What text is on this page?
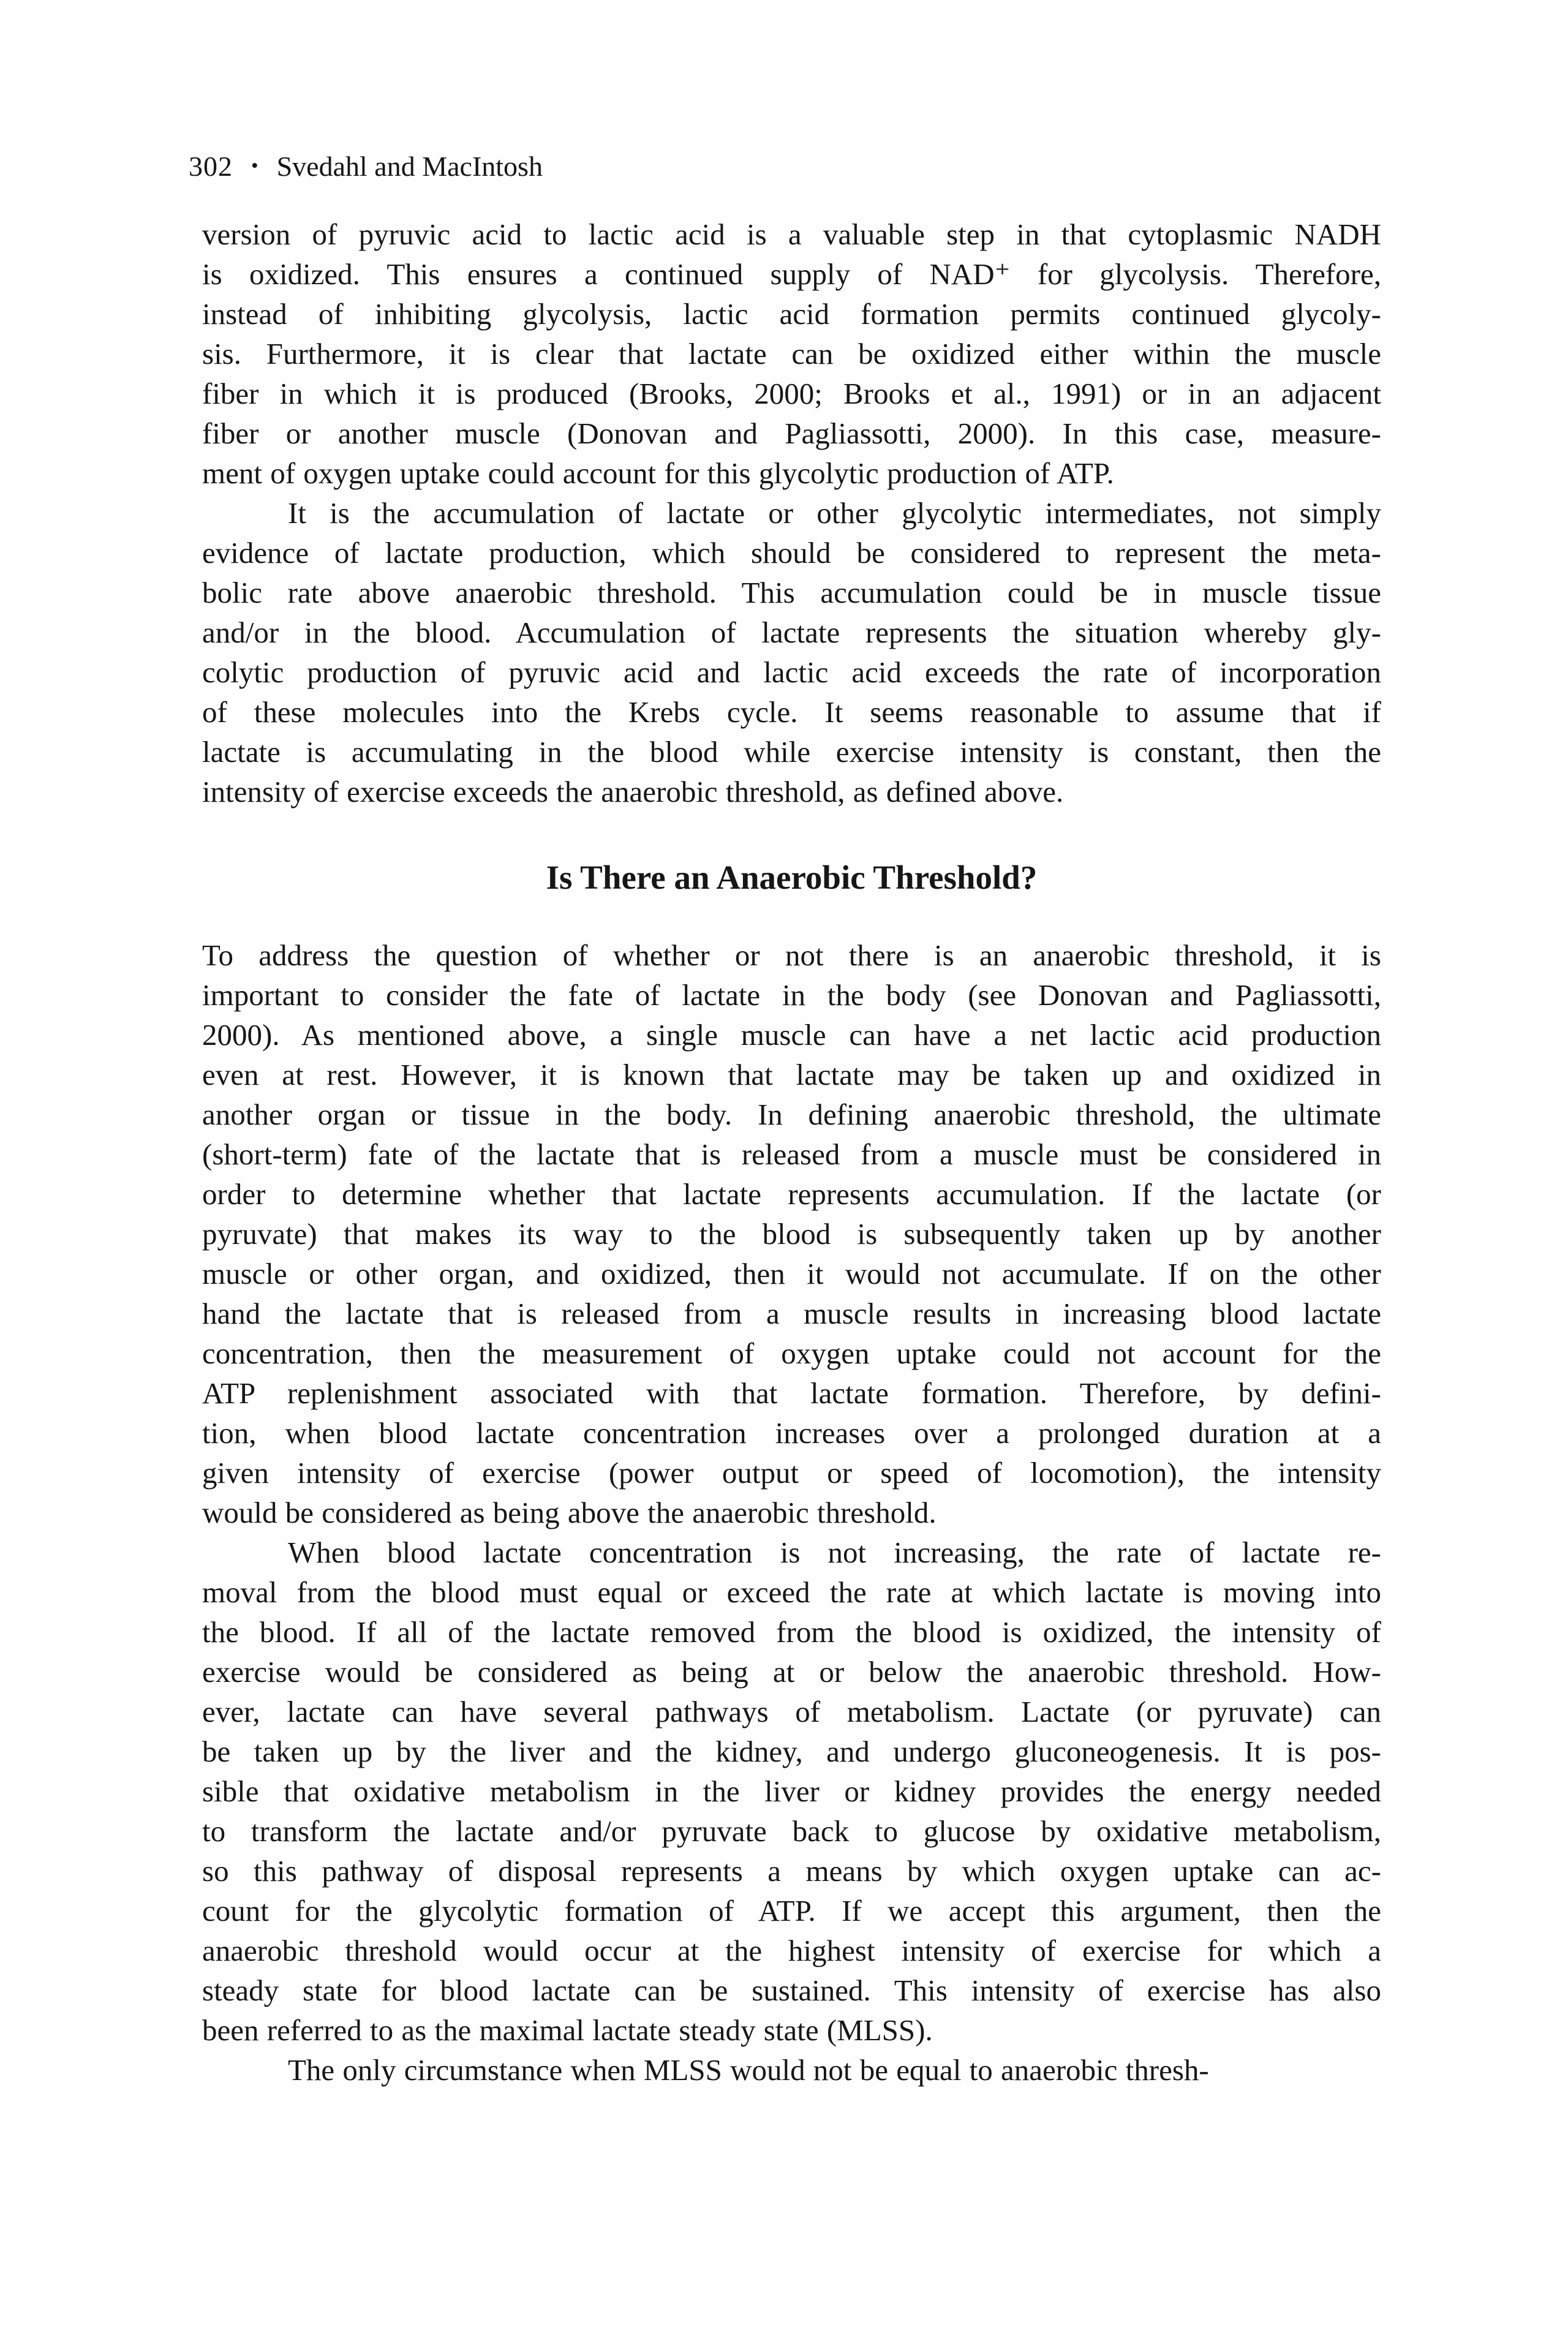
302 • Svedahl and MacIntosh
version of pyruvic acid to lactic acid is a valuable step in that cytoplasmic NADH
is oxidized. This ensures a continued supply of NAD⁺ for glycolysis. Therefore,
instead of inhibiting glycolysis, lactic acid formation permits continued glycoly-
sis. Furthermore, it is clear that lactate can be oxidized either within the muscle
fiber in which it is produced (Brooks, 2000; Brooks et al., 1991) or in an adjacent
fiber or another muscle (Donovan and Pagliassotti, 2000). In this case, measure-
ment of oxygen uptake could account for this glycolytic production of ATP.
It is the accumulation of lactate or other glycolytic intermediates, not simply
evidence of lactate production, which should be considered to represent the meta-
bolic rate above anaerobic threshold. This accumulation could be in muscle tissue
and/or in the blood. Accumulation of lactate represents the situation whereby gly-
colytic production of pyruvic acid and lactic acid exceeds the rate of incorporation
of these molecules into the Krebs cycle. It seems reasonable to assume that if
lactate is accumulating in the blood while exercise intensity is constant, then the
intensity of exercise exceeds the anaerobic threshold, as defined above.
Is There an Anaerobic Threshold?
To address the question of whether or not there is an anaerobic threshold, it is
important to consider the fate of lactate in the body (see Donovan and Pagliassotti,
2000). As mentioned above, a single muscle can have a net lactic acid production
even at rest. However, it is known that lactate may be taken up and oxidized in
another organ or tissue in the body. In defining anaerobic threshold, the ultimate
(short-term) fate of the lactate that is released from a muscle must be considered in
order to determine whether that lactate represents accumulation. If the lactate (or
pyruvate) that makes its way to the blood is subsequently taken up by another
muscle or other organ, and oxidized, then it would not accumulate. If on the other
hand the lactate that is released from a muscle results in increasing blood lactate
concentration, then the measurement of oxygen uptake could not account for the
ATP replenishment associated with that lactate formation. Therefore, by defini-
tion, when blood lactate concentration increases over a prolonged duration at a
given intensity of exercise (power output or speed of locomotion), the intensity
would be considered as being above the anaerobic threshold.
When blood lactate concentration is not increasing, the rate of lactate re-
moval from the blood must equal or exceed the rate at which lactate is moving into
the blood. If all of the lactate removed from the blood is oxidized, the intensity of
exercise would be considered as being at or below the anaerobic threshold. How-
ever, lactate can have several pathways of metabolism. Lactate (or pyruvate) can
be taken up by the liver and the kidney, and undergo gluconeogenesis. It is pos-
sible that oxidative metabolism in the liver or kidney provides the energy needed
to transform the lactate and/or pyruvate back to glucose by oxidative metabolism,
so this pathway of disposal represents a means by which oxygen uptake can ac-
count for the glycolytic formation of ATP. If we accept this argument, then the
anaerobic threshold would occur at the highest intensity of exercise for which a
steady state for blood lactate can be sustained. This intensity of exercise has also
been referred to as the maximal lactate steady state (MLSS).
The only circumstance when MLSS would not be equal to anaerobic thresh-
